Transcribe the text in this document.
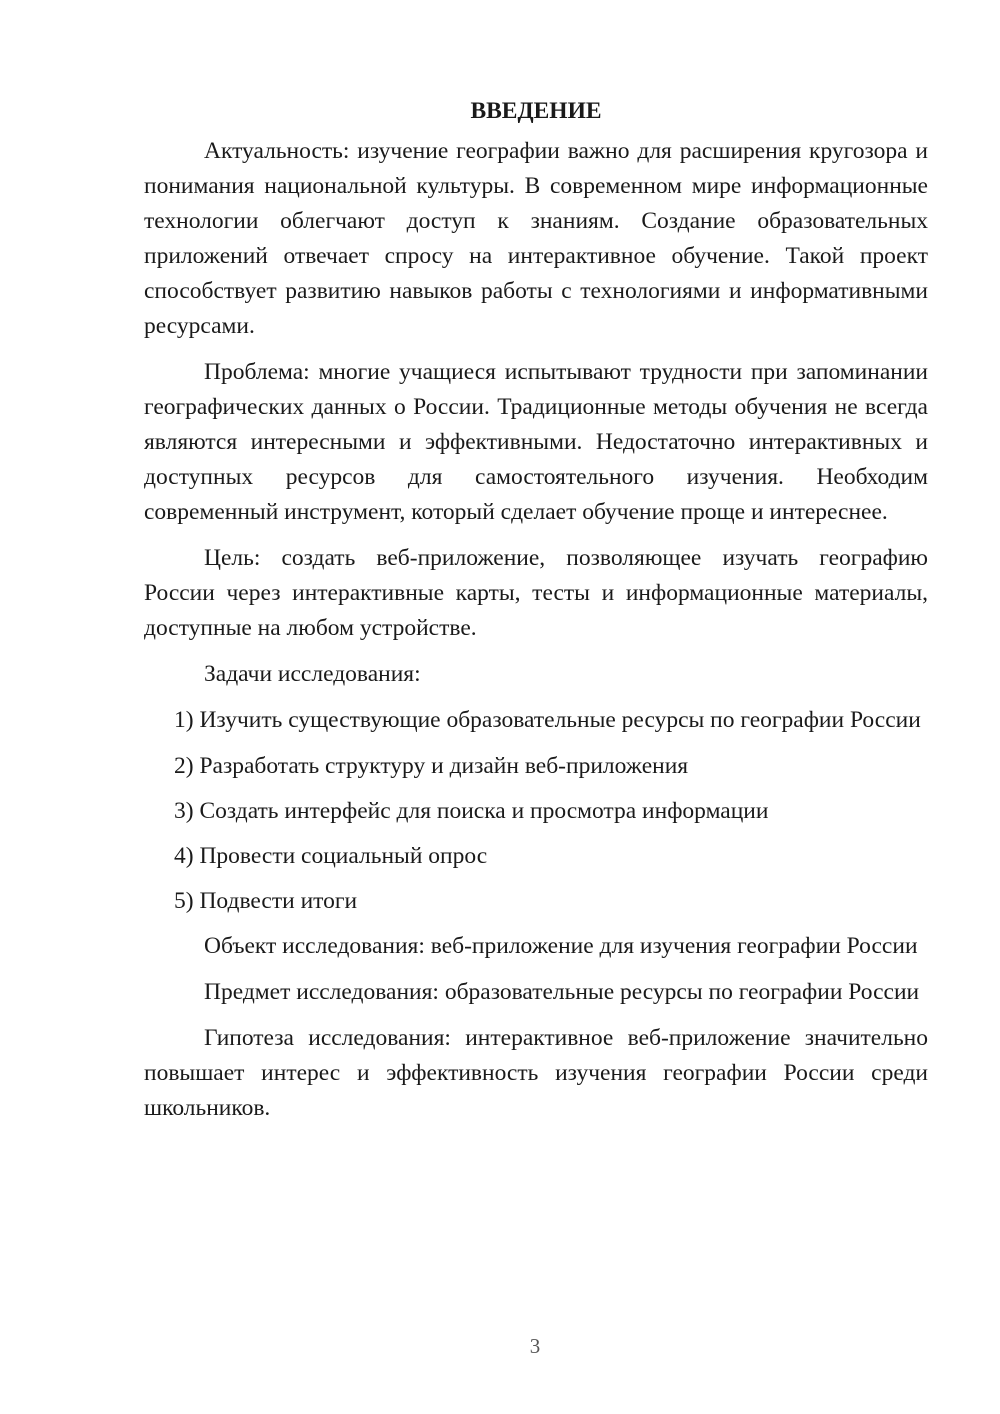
ВВЕДЕНИЕ

Актуальность: изучение географии важно для расширения кругозора и понимания национальной культуры. В современном мире информационные технологии облегчают доступ к знаниям. Создание образовательных приложений отвечает спросу на интерактивное обучение. Такой проект способствует развитию навыков работы с технологиями и информативными ресурсами.

Проблема: многие учащиеся испытывают трудности при запоминании географических данных о России. Традиционные методы обучения не всегда являются интересными и эффективными. Недостаточно интерактивных и доступных ресурсов для самостоятельного изучения. Необходим современный инструмент, который сделает обучение проще и интереснее.

Цель: создать веб-приложение, позволяющее изучать географию России через интерактивные карты, тесты и информационные материалы, доступные на любом устройстве.

Задачи исследования:

1) Изучить существующие образовательные ресурсы по географии России

2) Разработать структуру и дизайн веб-приложения

3) Создать интерфейс для поиска и просмотра информации

4) Провести социальный опрос

5) Подвести итоги

Объект исследования: веб-приложение для изучения географии России

Предмет исследования: образовательные ресурсы по географии России

Гипотеза исследования: интерактивное веб-приложение значительно повышает интерес и эффективность изучения географии России среди школьников.

3
